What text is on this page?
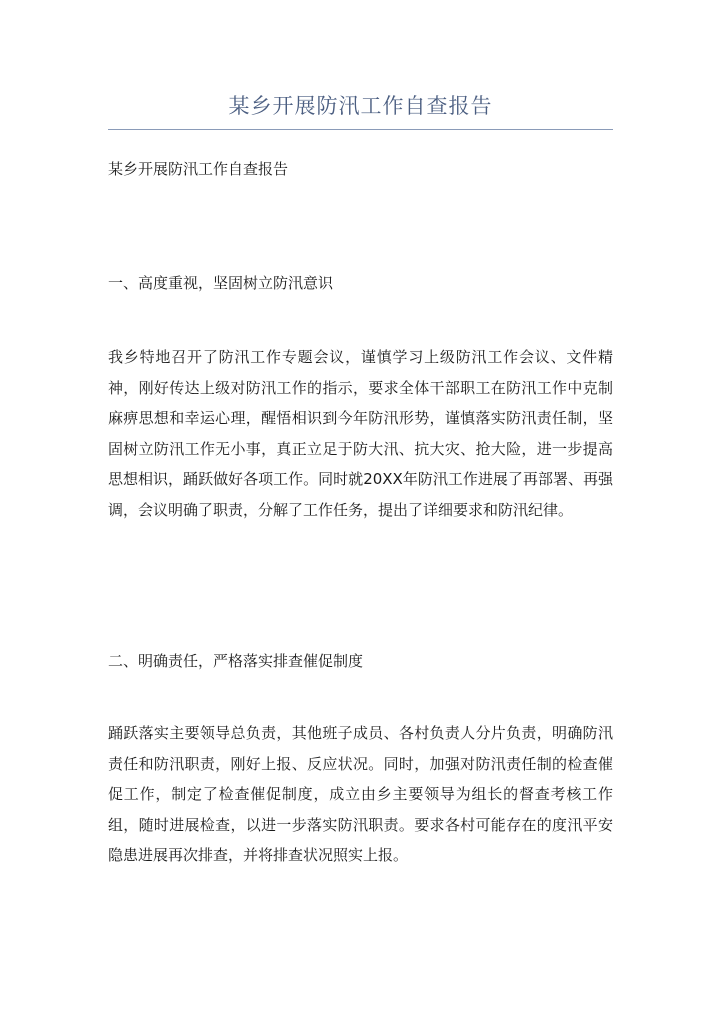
某乡开展防汛工作自查报告
某乡开展防汛工作自查报告
一、高度重视，坚固树立防汛意识

我乡特地召开了防汛工作专题会议，谨慎学习上级防汛工作会议、文件精神，刚好传达上级对防汛工作的指示，要求全体干部职工在防汛工作中克制麻痹思想和幸运心理，醒悟相识到今年防汛形势，谨慎落实防汛责任制，坚固树立防汛工作无小事，真正立足于防大汛、抗大灾、抢大险，进一步提高思想相识，踊跃做好各项工作。同时就20XX年防汛工作进展了再部署、再强调，会议明确了职责，分解了工作任务，提出了详细要求和防汛纪律。

二、明确责任，严格落实排查催促制度

踊跃落实主要领导总负责，其他班子成员、各村负责人分片负责，明确防汛责任和防汛职责，刚好上报、反应状况。同时，加强对防汛责任制的检查催促工作，制定了检查催促制度，成立由乡主要领导为组长的督查考核工作组，随时进展检查，以进一步落实防汛职责。要求各村可能存在的度汛平安隐患进展再次排查，并将排查状况照实上报。
